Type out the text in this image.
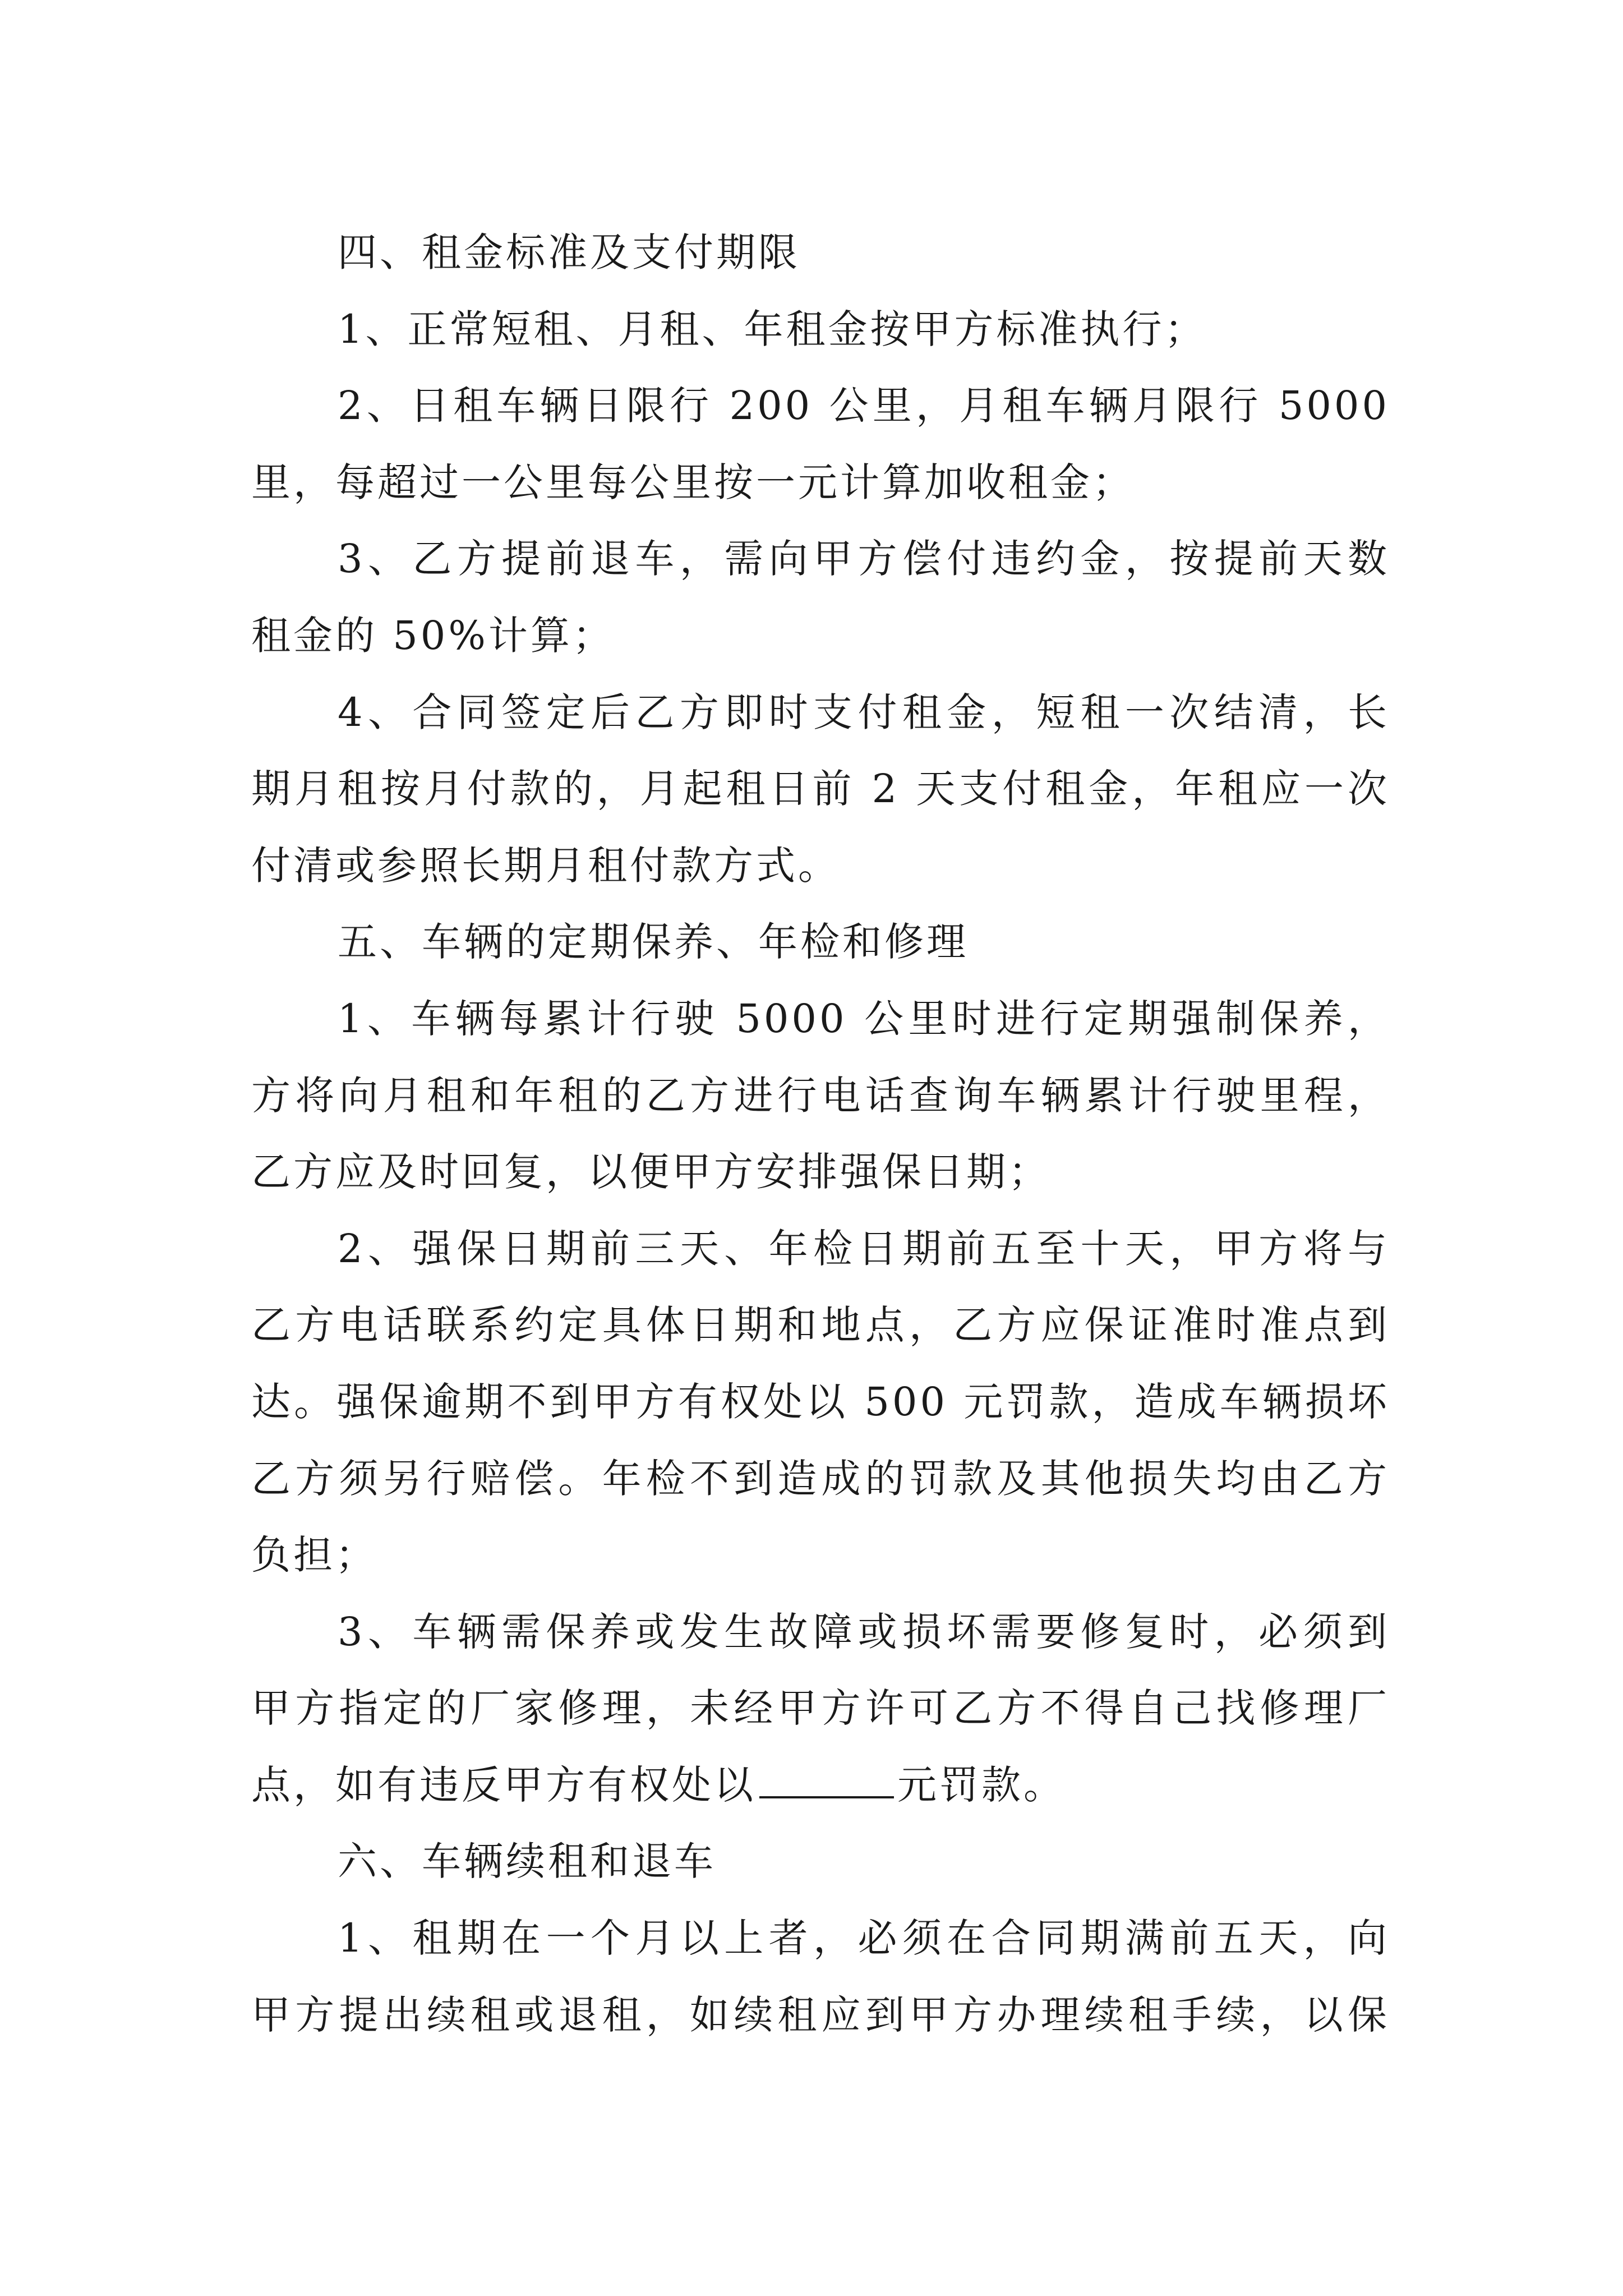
四、租金标准及支付期限
1、正常短租、月租、年租金按甲方标准执行；
2、日租车辆日限行 200 公里，月租车辆月限行 5000
里，每超过一公里每公里按一元计算加收租金；
3、乙方提前退车，需向甲方偿付违约金，按提前天数
租金的 50%计算；
4、合同签定后乙方即时支付租金，短租一次结清，长
期月租按月付款的，月起租日前 2 天支付租金，年租应一次
付清或参照长期月租付款方式。
五、车辆的定期保养、年检和修理
1、车辆每累计行驶 5000 公里时进行定期强制保养，
方将向月租和年租的乙方进行电话查询车辆累计行驶里程，
乙方应及时回复，以便甲方安排强保日期；
2、强保日期前三天、年检日期前五至十天，甲方将与
乙方电话联系约定具体日期和地点，乙方应保证准时准点到
达。强保逾期不到甲方有权处以 500 元罚款，造成车辆损坏
乙方须另行赔偿。年检不到造成的罚款及其他损失均由乙方
负担；
3、车辆需保养或发生故障或损坏需要修复时，必须到
甲方指定的厂家修理，未经甲方许可乙方不得自己找修理厂
点，如有违反甲方有权处以	元罚款。
六、车辆续租和退车
1、租期在一个月以上者，必须在合同期满前五天，向
甲方提出续租或退租，如续租应到甲方办理续租手续，以保
